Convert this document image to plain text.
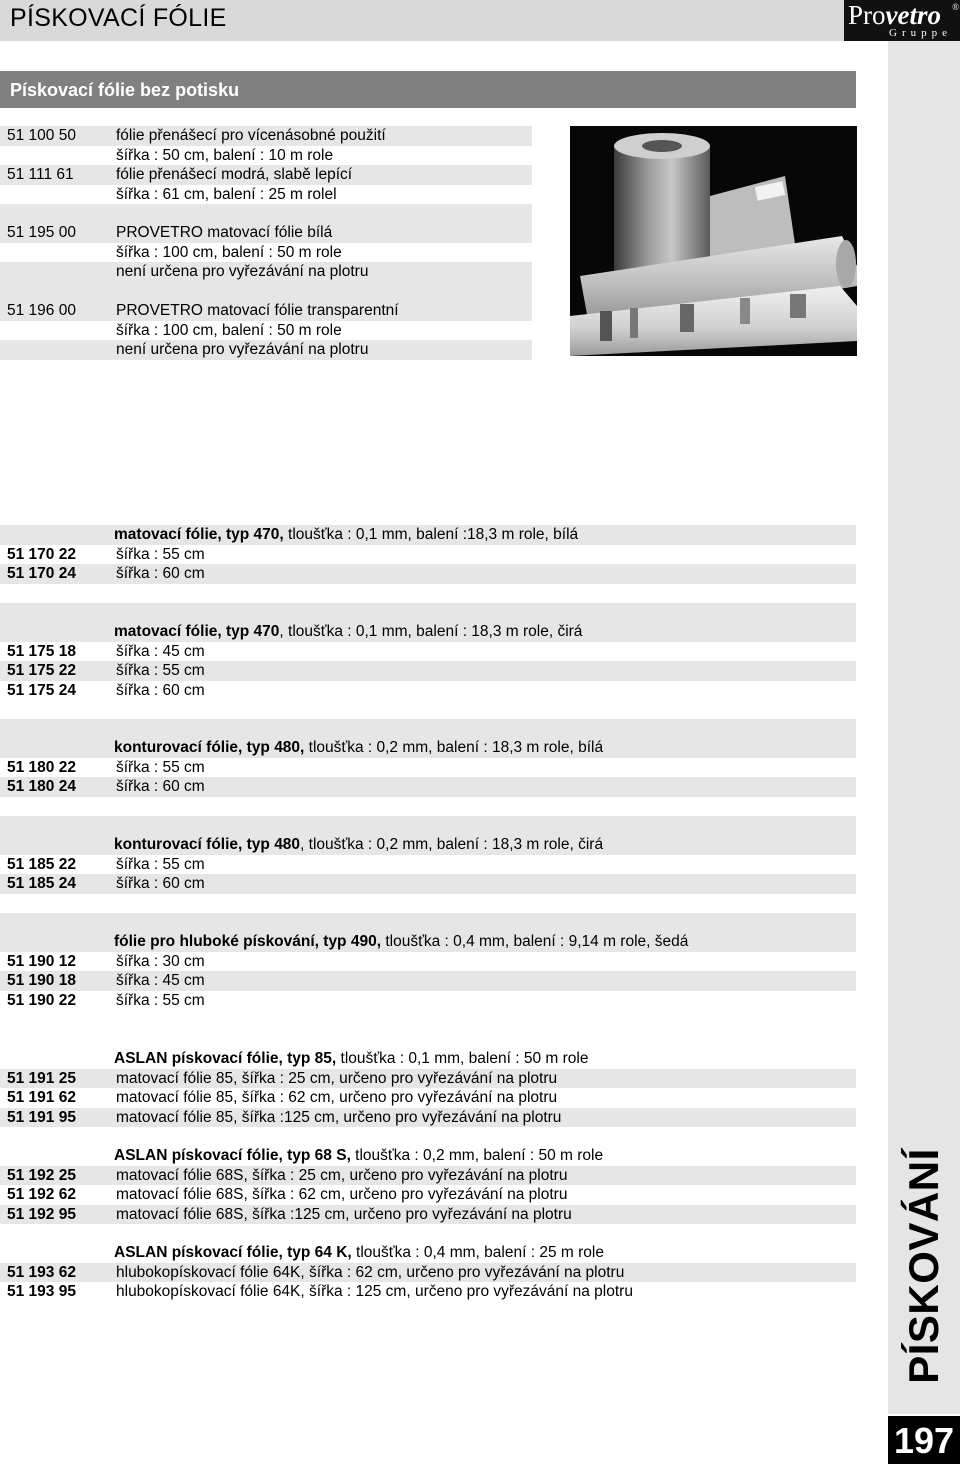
PÍSKOVACÍ FÓLIE	Provetro ®
Gruppe
PÍSKOVÁNÍ
197
Pískovací fólie bez potisku
51 100 50	fólie přenášecí pro vícenásobné použití
šířka : 50 cm, balení : 10 m role
51 111 61	fólie přenášecí modrá, slabě lepící
šířka : 61 cm, balení : 25 m rolel
51 195 00	PROVETRO matovací fólie bílá
šířka : 100 cm, balení : 50 m role
není určena pro vyřezávání na plotru
51 196 00	PROVETRO matovací fólie transparentní
šířka : 100 cm, balení : 50 m role
není určena pro vyřezávání na plotru
matovací fólie, typ 470, tloušťka : 0,1 mm, balení :18,3 m role, bílá
51 170 22	šířka : 55 cm
51 170 24	šířka : 60 cm
matovací fólie, typ 470, tloušťka : 0,1 mm, balení : 18,3 m role, čirá
51 175 18	šířka : 45 cm
51 175 22	šířka : 55 cm
51 175 24	šířka : 60 cm
konturovací fólie, typ 480, tloušťka : 0,2 mm, balení : 18,3 m role, bílá
51 180 22	šířka : 55 cm
51 180 24	šířka : 60 cm
konturovací fólie, typ 480, tloušťka : 0,2 mm, balení : 18,3 m role, čirá
51 185 22	šířka : 55 cm
51 185 24	šířka : 60 cm
fólie pro hluboké pískování, typ 490, tloušťka : 0,4 mm, balení : 9,14 m role, šedá
51 190 12	šířka : 30 cm
51 190 18	šířka : 45 cm
51 190 22	šířka : 55 cm
ASLAN pískovací fólie, typ 85, tloušťka : 0,1 mm, balení : 50 m role
51 191 25	matovací fólie 85, šířka : 25 cm, určeno pro vyřezávání na plotru
51 191 62	matovací fólie 85, šířka : 62 cm, určeno pro vyřezávání na plotru
51 191 95	matovací fólie 85, šířka :125 cm, určeno pro vyřezávání na plotru
ASLAN pískovací fólie, typ 68 S, tloušťka : 0,2 mm, balení : 50 m role
51 192 25	matovací fólie 68S, šířka : 25 cm, určeno pro vyřezávání na plotru
51 192 62	matovací fólie 68S, šířka : 62 cm, určeno pro vyřezávání na plotru
51 192 95	matovací fólie 68S, šířka :125 cm, určeno pro vyřezávání na plotru
ASLAN pískovací fólie, typ 64 K, tloušťka : 0,4 mm, balení : 25 m role
51 193 62	hlubokopískovací fólie 64K, šířka : 62 cm, určeno pro vyřezávání na plotru
51 193 95	hlubokopískovací fólie 64K, šířka : 125 cm, určeno pro vyřezávání na plotru
